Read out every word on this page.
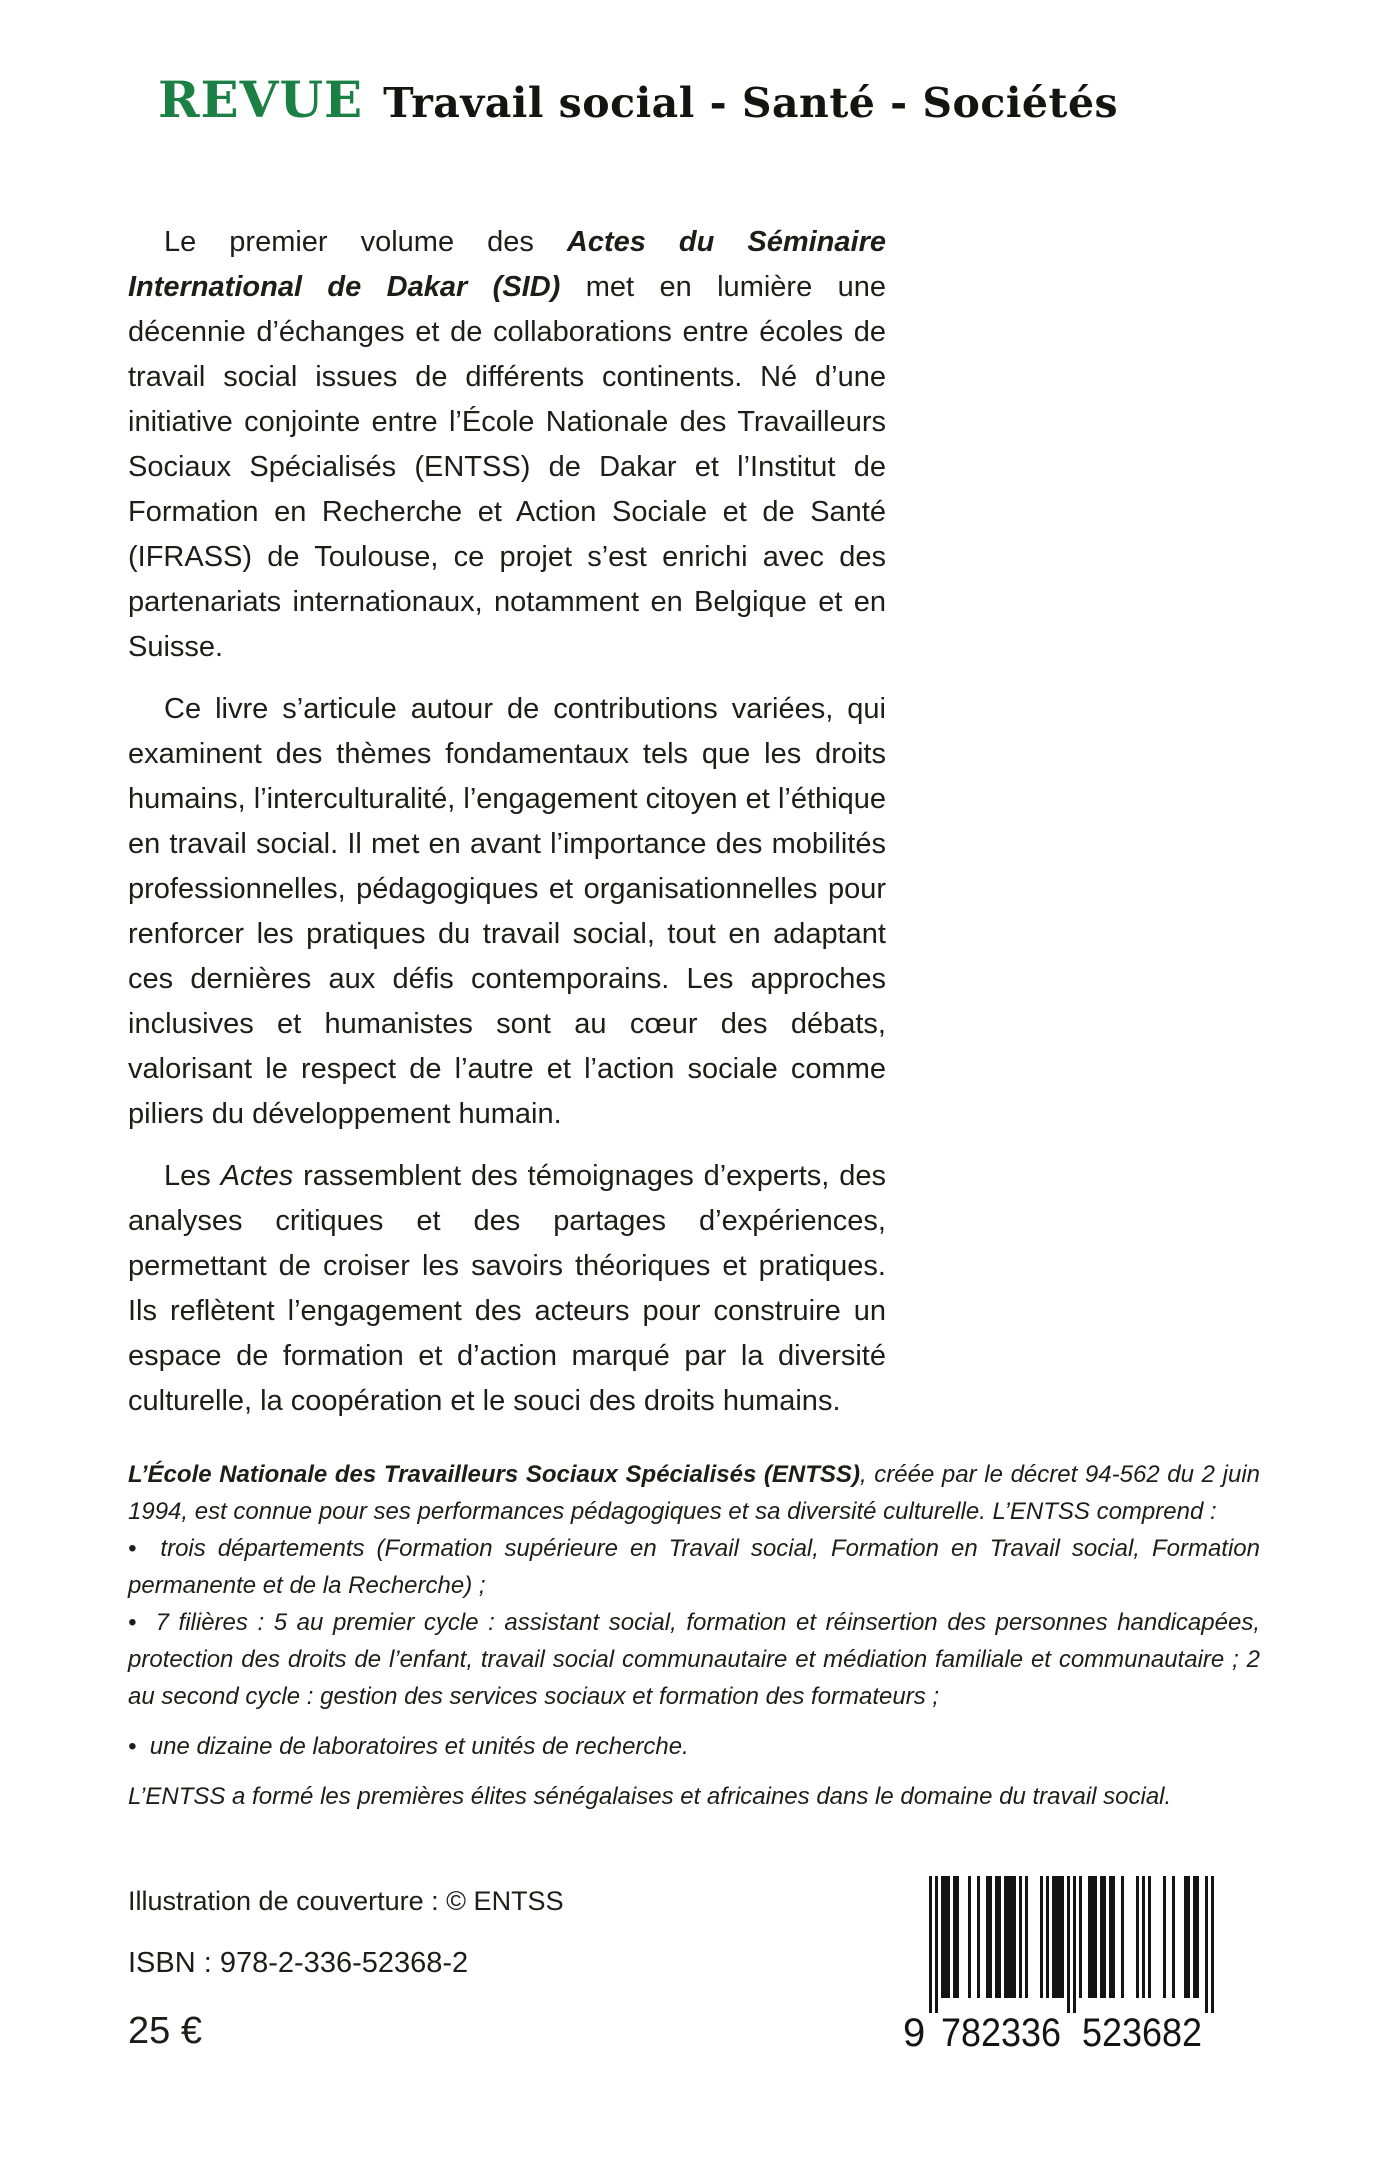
REVUE Travail social - Santé - Sociétés

Le premier volume des Actes du Séminaire International de Dakar (SID) met en lumière une décennie d’échanges et de collaborations entre écoles de travail social issues de différents continents. Né d’une initiative conjointe entre l’École Nationale des Travailleurs Sociaux Spécialisés (ENTSS) de Dakar et l’Institut de Formation en Recherche et Action Sociale et de Santé (IFRASS) de Toulouse, ce projet s’est enrichi avec des partenariats internationaux, notamment en Belgique et en Suisse.

Ce livre s’articule autour de contributions variées, qui examinent des thèmes fondamentaux tels que les droits humains, l’interculturalité, l’engagement citoyen et l’éthique en travail social. Il met en avant l’importance des mobilités professionnelles, pédagogiques et organisationnelles pour renforcer les pratiques du travail social, tout en adaptant ces dernières aux défis contemporains. Les approches inclusives et humanistes sont au cœur des débats, valorisant le respect de l’autre et l’action sociale comme piliers du développement humain.

Les Actes rassemblent des témoignages d’experts, des analyses critiques et des partages d’expériences, permettant de croiser les savoirs théoriques et pratiques. Ils reflètent l’engagement des acteurs pour construire un espace de formation et d’action marqué par la diversité culturelle, la coopération et le souci des droits humains.

L’École Nationale des Travailleurs Sociaux Spécialisés (ENTSS), créée par le décret 94-562 du 2 juin 1994, est connue pour ses performances pédagogiques et sa diversité culturelle. L’ENTSS comprend :

•  trois départements (Formation supérieure en Travail social, Formation en Travail social, Formation permanente et de la Recherche) ;

•  7 filières : 5 au premier cycle : assistant social, formation et réinsertion des personnes handicapées, protection des droits de l’enfant, travail social communautaire et médiation familiale et communautaire ; 2 au second cycle : gestion des services sociaux et formation des formateurs ;

•  une dizaine de laboratoires et unités de recherche.

L’ENTSS a formé les premières élites sénégalaises et africaines dans le domaine du travail social.

Illustration de couverture : © ENTSS
ISBN : 978-2-336-52368-2
25 €	9 782336 523682
